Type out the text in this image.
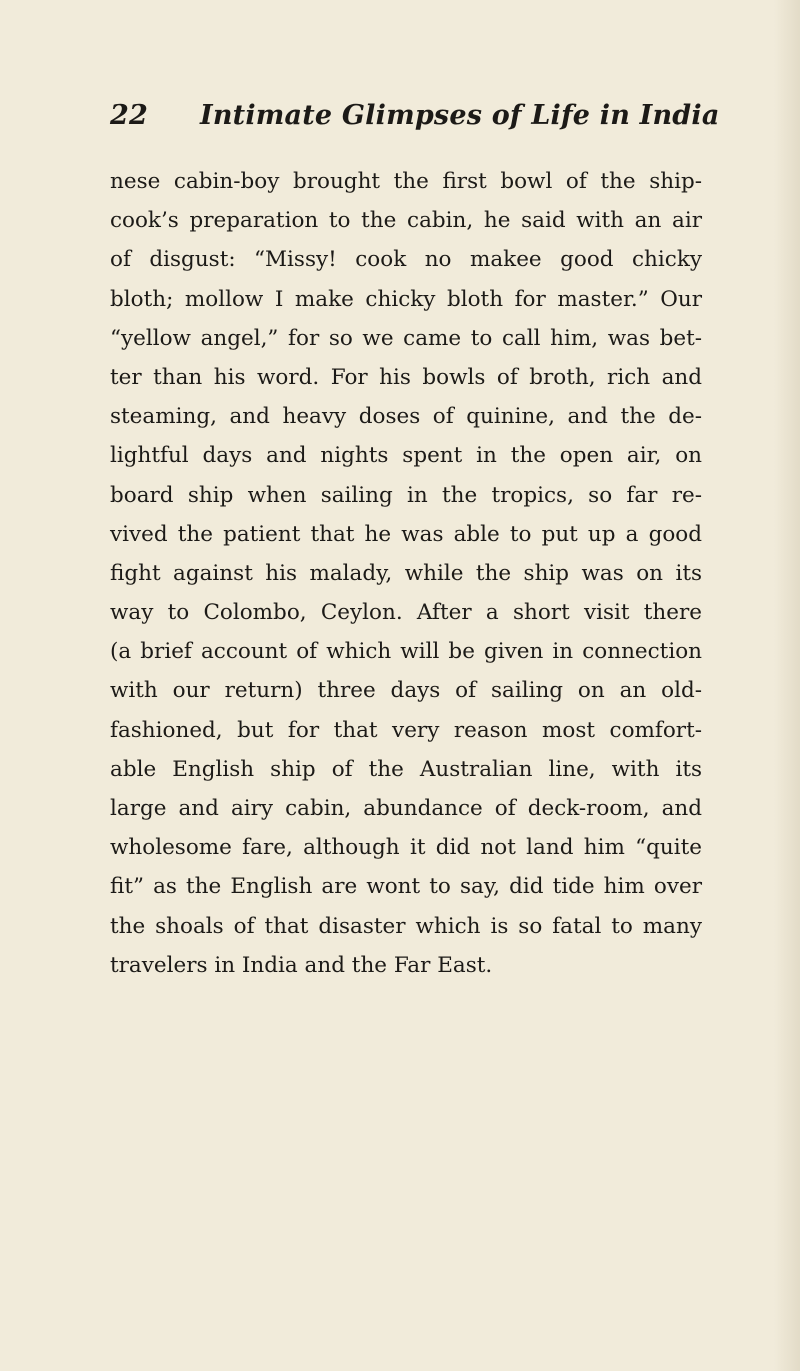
22 Intimate Glimpses of Life in India
nese cabin-boy brought the first bowl of the ship-
cook’s preparation to the cabin, he said with an air
of disgust: “Missy! cook no makee good chicky
bloth; mollow I make chicky bloth for master.” Our
“yellow angel,” for so we came to call him, was bet-
ter than his word. For his bowls of broth, rich and
steaming, and heavy doses of quinine, and the de-
lightful days and nights spent in the open air, on
board ship when sailing in the tropics, so far re-
vived the patient that he was able to put up a good
fight against his malady, while the ship was on its
way to Colombo, Ceylon. After a short visit there
(a brief account of which will be given in connection
with our return) three days of sailing on an old-
fashioned, but for that very reason most comfort-
able English ship of the Australian line, with its
large and airy cabin, abundance of deck-room, and
wholesome fare, although it did not land him “quite
fit” as the English are wont to say, did tide him over
the shoals of that disaster which is so fatal to many
travelers in India and the Far East.
